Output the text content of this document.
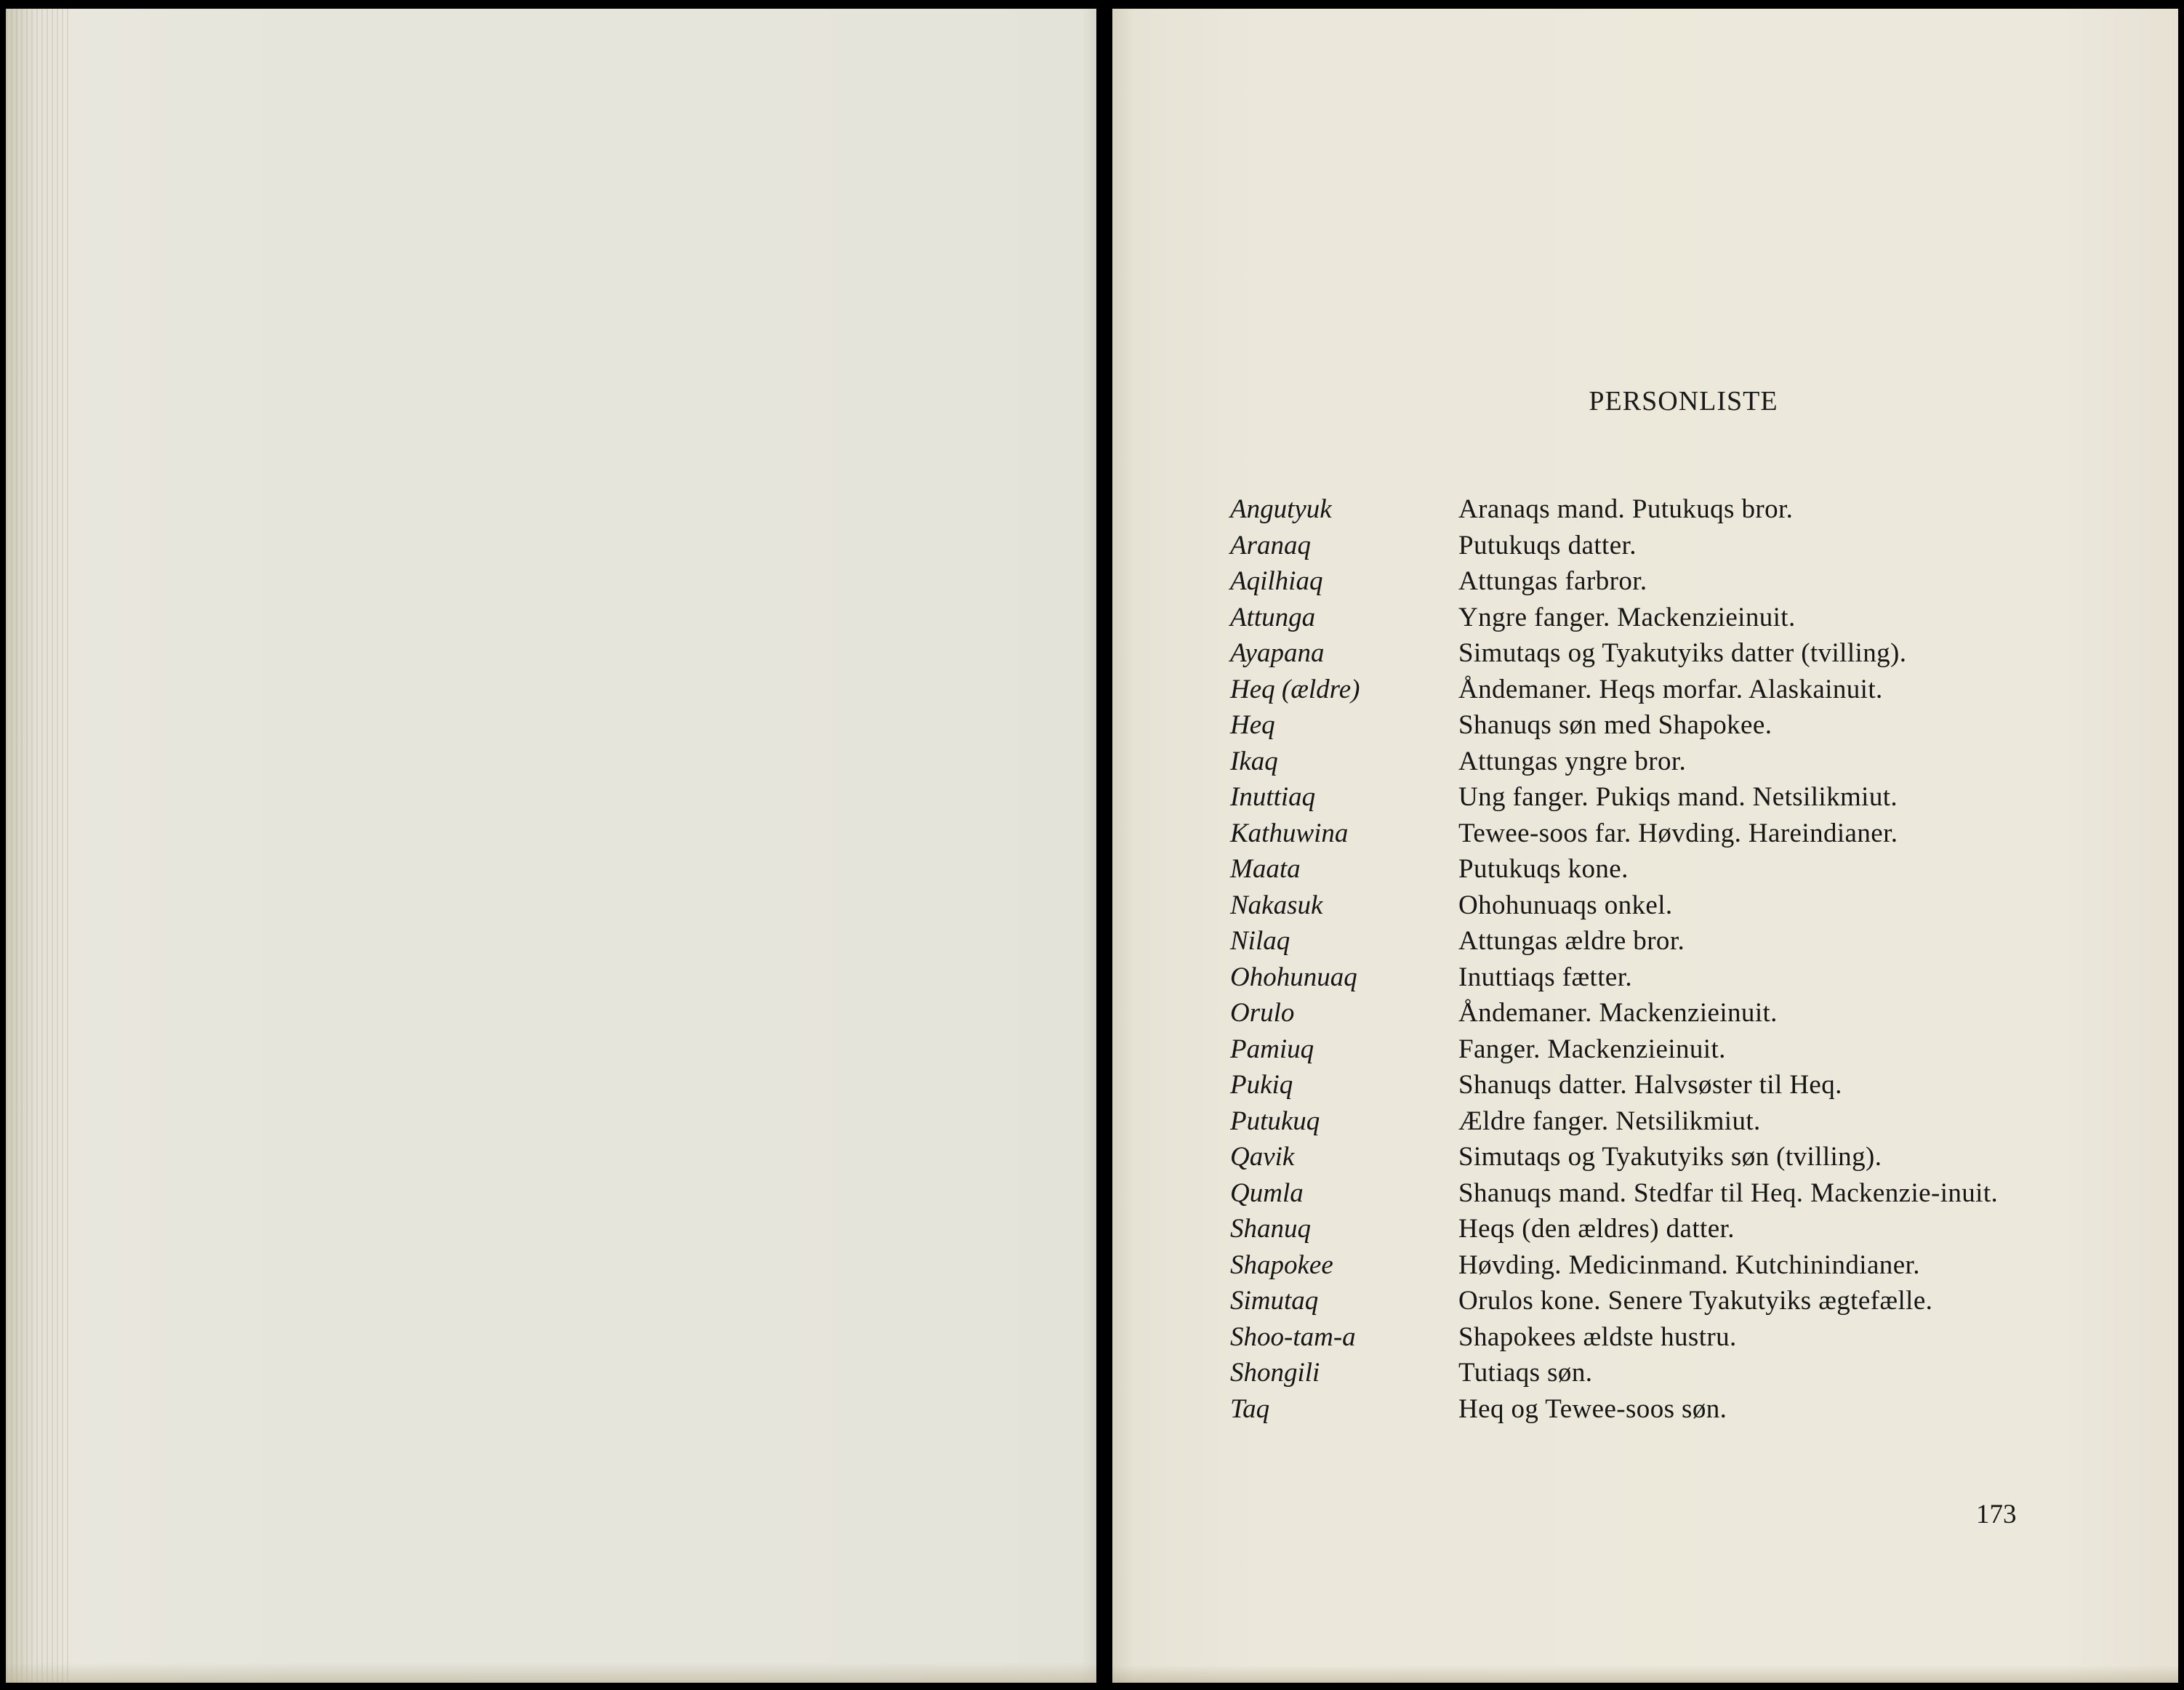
PERSONLISTE
Angutyuk	Aranaqs mand. Putukuqs bror.
Aranaq	Putukuqs datter.
Aqilhiaq	Attungas farbror.
Attunga	Yngre fanger. Mackenzieinuit.
Ayapana	Simutaqs og Tyakutyiks datter (tvilling).
Heq (ældre)	Åndemaner. Heqs morfar. Alaskainuit.
Heq	Shanuqs søn med Shapokee.
Ikaq	Attungas yngre bror.
Inuttiaq	Ung fanger. Pukiqs mand. Netsilikmiut.
Kathuwina	Tewee-soos far. Høvding. Hareindianer.
Maata	Putukuqs kone.
Nakasuk	Ohohunuaqs onkel.
Nilaq	Attungas ældre bror.
Ohohunuaq	Inuttiaqs fætter.
Orulo	Åndemaner. Mackenzieinuit.
Pamiuq	Fanger. Mackenzieinuit.
Pukiq	Shanuqs datter. Halvsøster til Heq.
Putukuq	Ældre fanger. Netsilikmiut.
Qavik	Simutaqs og Tyakutyiks søn (tvilling).
Qumla	Shanuqs mand. Stedfar til Heq. Mackenzie-inuit.
Shanuq	Heqs (den ældres) datter.
Shapokee	Høvding. Medicinmand. Kutchinindianer.
Simutaq	Orulos kone. Senere Tyakutyiks ægtefælle.
Shoo-tam-a	Shapokees ældste hustru.
Shongili	Tutiaqs søn.
Taq	Heq og Tewee-soos søn.
173
